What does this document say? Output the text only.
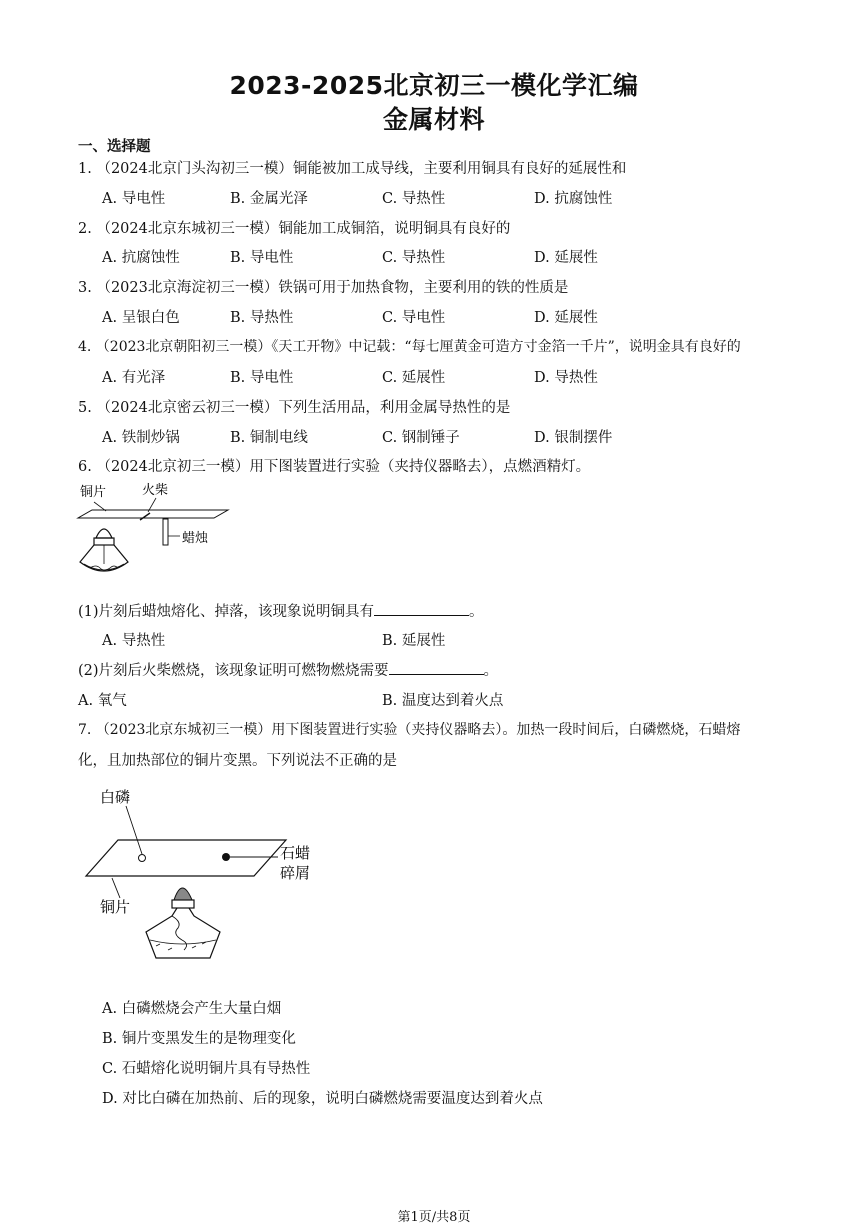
2023-2025北京初三一模化学汇编
金属材料
一、选择题
1. （2024北京门头沟初三一模）铜能被加工成导线，主要利用铜具有良好的延展性和
A. 导电性	B. 金属光泽	C. 导热性	D. 抗腐蚀性
2. （2024北京东城初三一模）铜能加工成铜箔，说明铜具有良好的
A. 抗腐蚀性	B. 导电性	C. 导热性	D. 延展性
3. （2023北京海淀初三一模）铁锅可用于加热食物，主要利用的铁的性质是
A. 呈银白色	B. 导热性	C. 导电性	D. 延展性
4. （2023北京朝阳初三一模）《天工开物》中记载：“每七厘黄金可造方寸金箔一千片”，说明金具有良好的
A. 有光泽	B. 导电性	C. 延展性	D. 导热性
5. （2024北京密云初三一模）下列生活用品，利用金属导热性的是
A. 铁制炒锅	B. 铜制电线	C. 钢制锤子	D. 银制摆件
6. （2024北京初三一模）用下图装置进行实验（夹持仪器略去），点燃酒精灯。
铜片	火柴
蜡烛
(1)片刻后蜡烛熔化、掉落，该现象说明铜具有	。
A. 导热性	B. 延展性
(2)片刻后火柴燃烧，该现象证明可燃物燃烧需要	。
A. 氧气	B. 温度达到着火点
7. （2023北京东城初三一模）用下图装置进行实验（夹持仪器略去）。加热一段时间后，白磷燃烧，石蜡熔
化，且加热部位的铜片变黑。下列说法不正确的是
白磷
石蜡
碎屑
铜片
A. 白磷燃烧会产生大量白烟
B. 铜片变黑发生的是物理变化
C. 石蜡熔化说明铜片具有导热性
D. 对比白磷在加热前、后的现象，说明白磷燃烧需要温度达到着火点
第1页/共8页
